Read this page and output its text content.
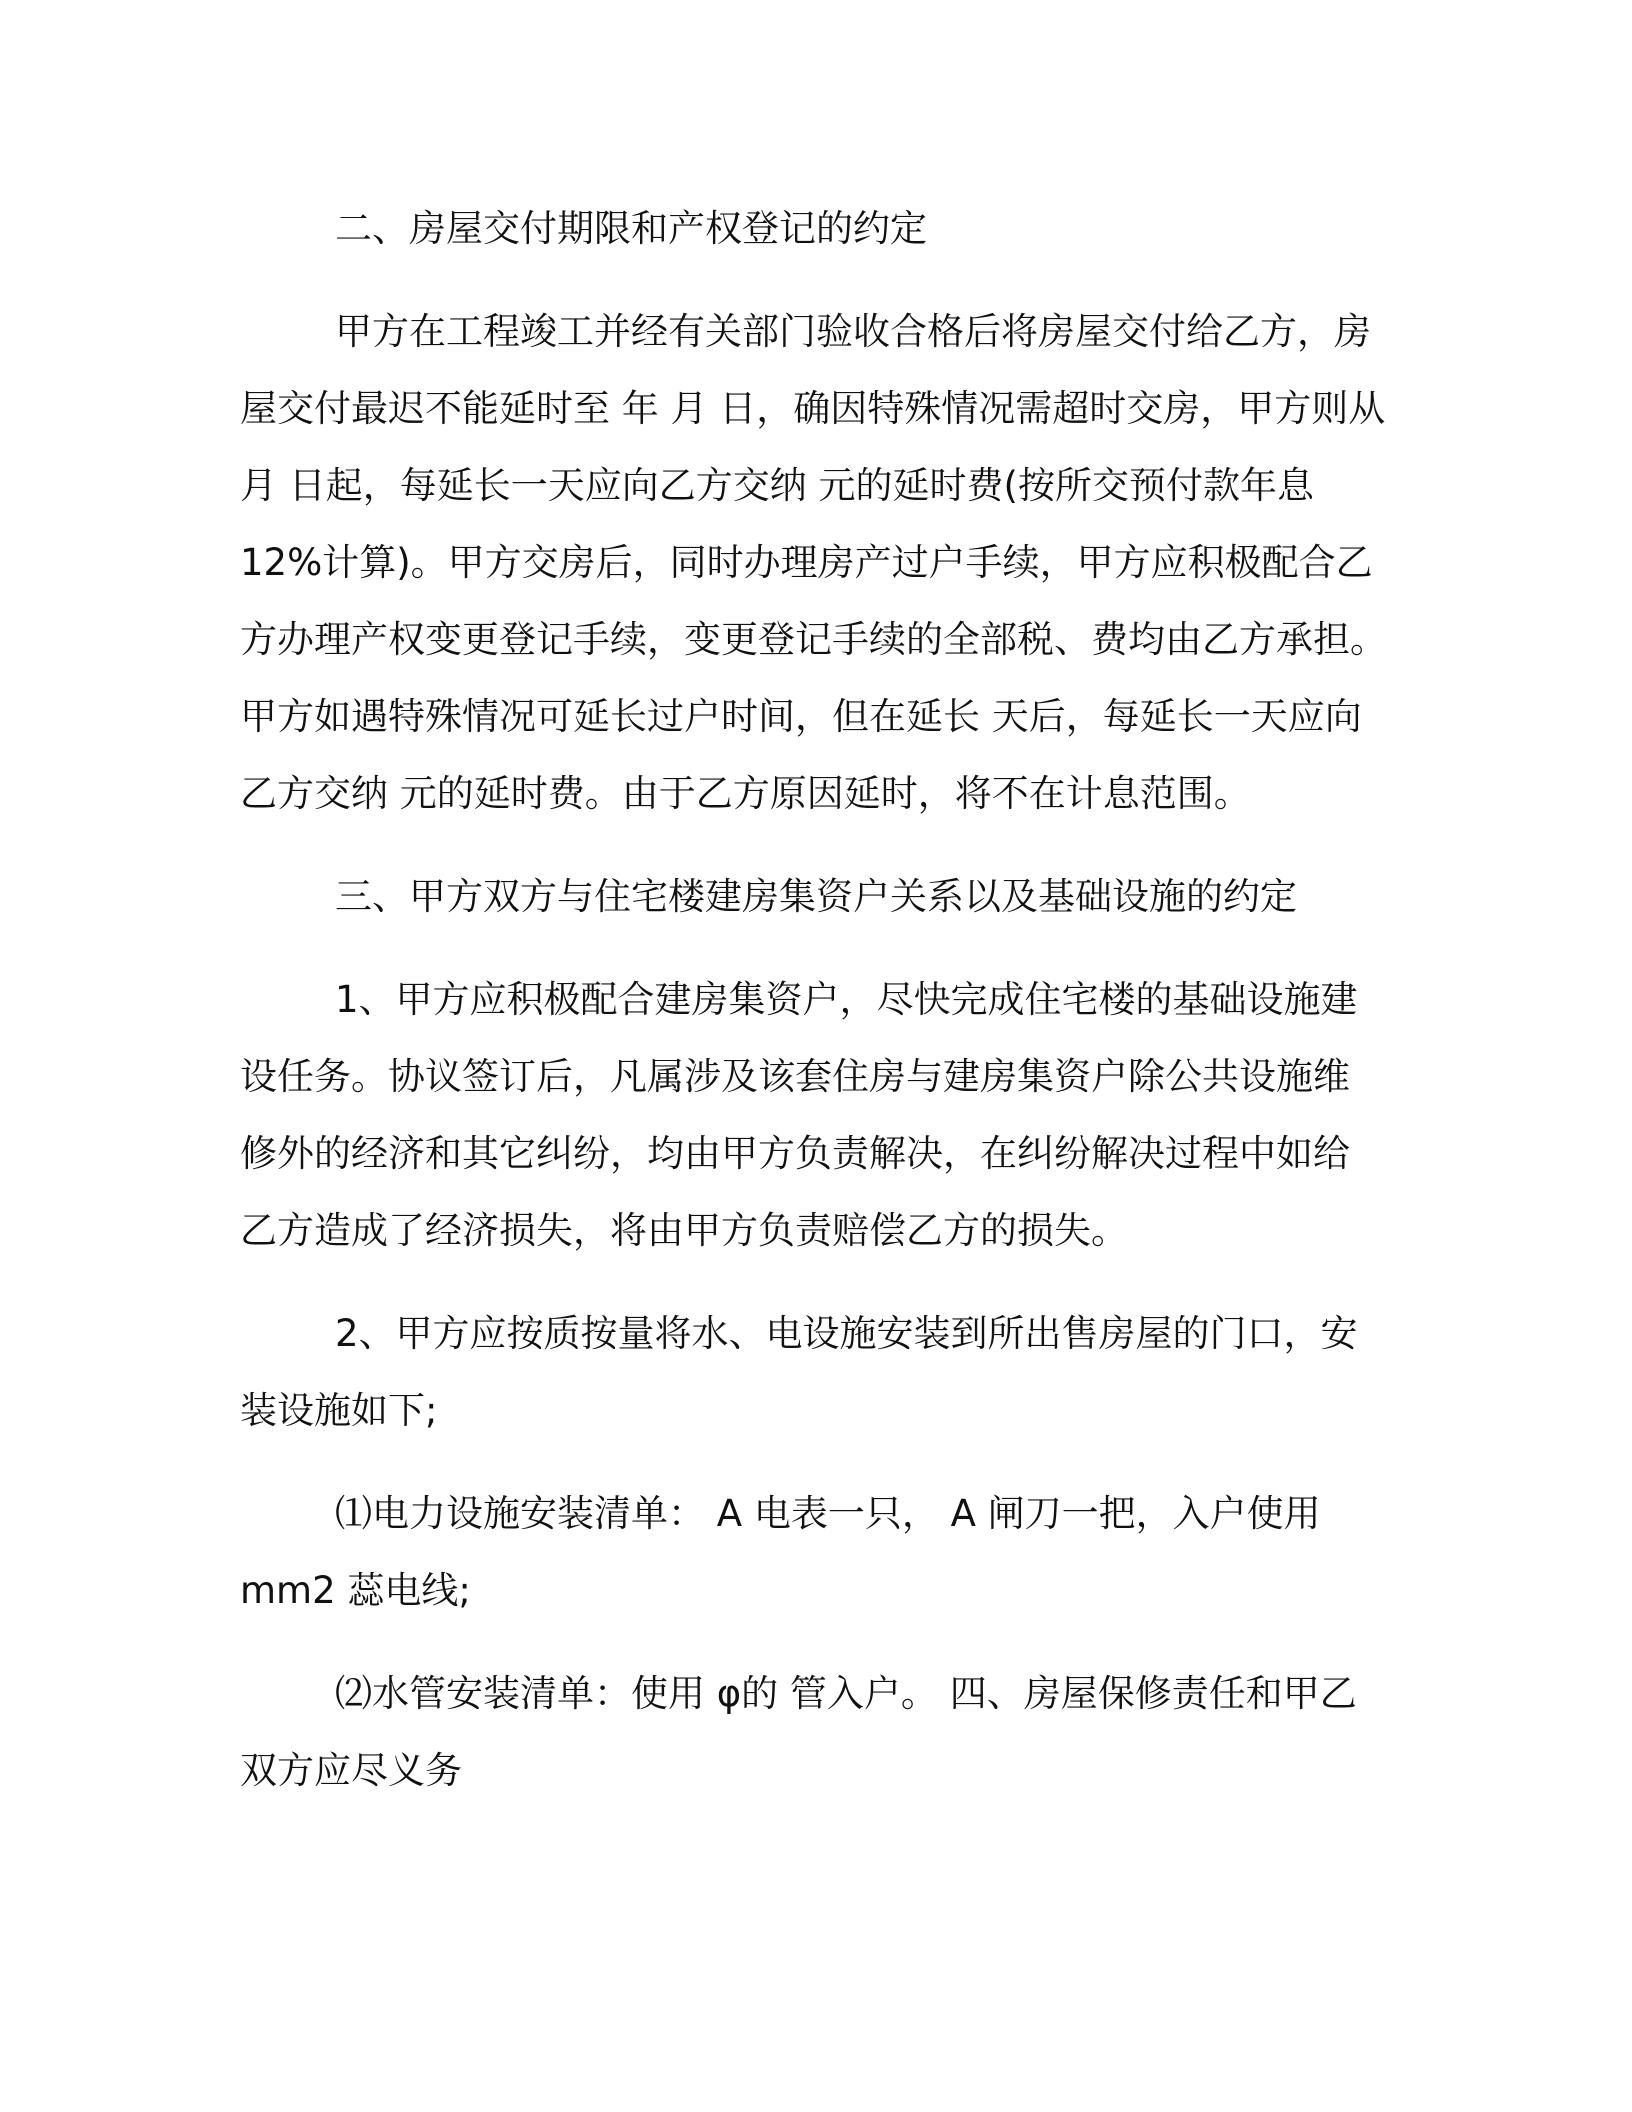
二、房屋交付期限和产权登记的约定

甲方在工程竣工并经有关部门验收合格后将房屋交付给乙方，房
屋交付最迟不能延时至 年 月 日，确因特殊情况需超时交房，甲方则从
月 日起，每延长一天应向乙方交纳 元的延时费(按所交预付款年息
12%计算)。甲方交房后，同时办理房产过户手续，甲方应积极配合乙
方办理产权变更登记手续，变更登记手续的全部税、费均由乙方承担。
甲方如遇特殊情况可延长过户时间，但在延长 天后，每延长一天应向
乙方交纳 元的延时费。由于乙方原因延时，将不在计息范围。

三、甲方双方与住宅楼建房集资户关系以及基础设施的约定

1、甲方应积极配合建房集资户，尽快完成住宅楼的基础设施建
设任务。协议签订后，凡属涉及该套住房与建房集资户除公共设施维
修外的经济和其它纠纷，均由甲方负责解决，在纠纷解决过程中如给
乙方造成了经济损失，将由甲方负责赔偿乙方的损失。

2、甲方应按质按量将水、电设施安装到所出售房屋的门口，安
装设施如下;

⑴电力设施安装清单： A 电表一只， A 闸刀一把，入户使用
mm2 蕊电线;

⑵水管安装清单：使用 φ的 管入户。 四、房屋保修责任和甲乙
双方应尽义务
